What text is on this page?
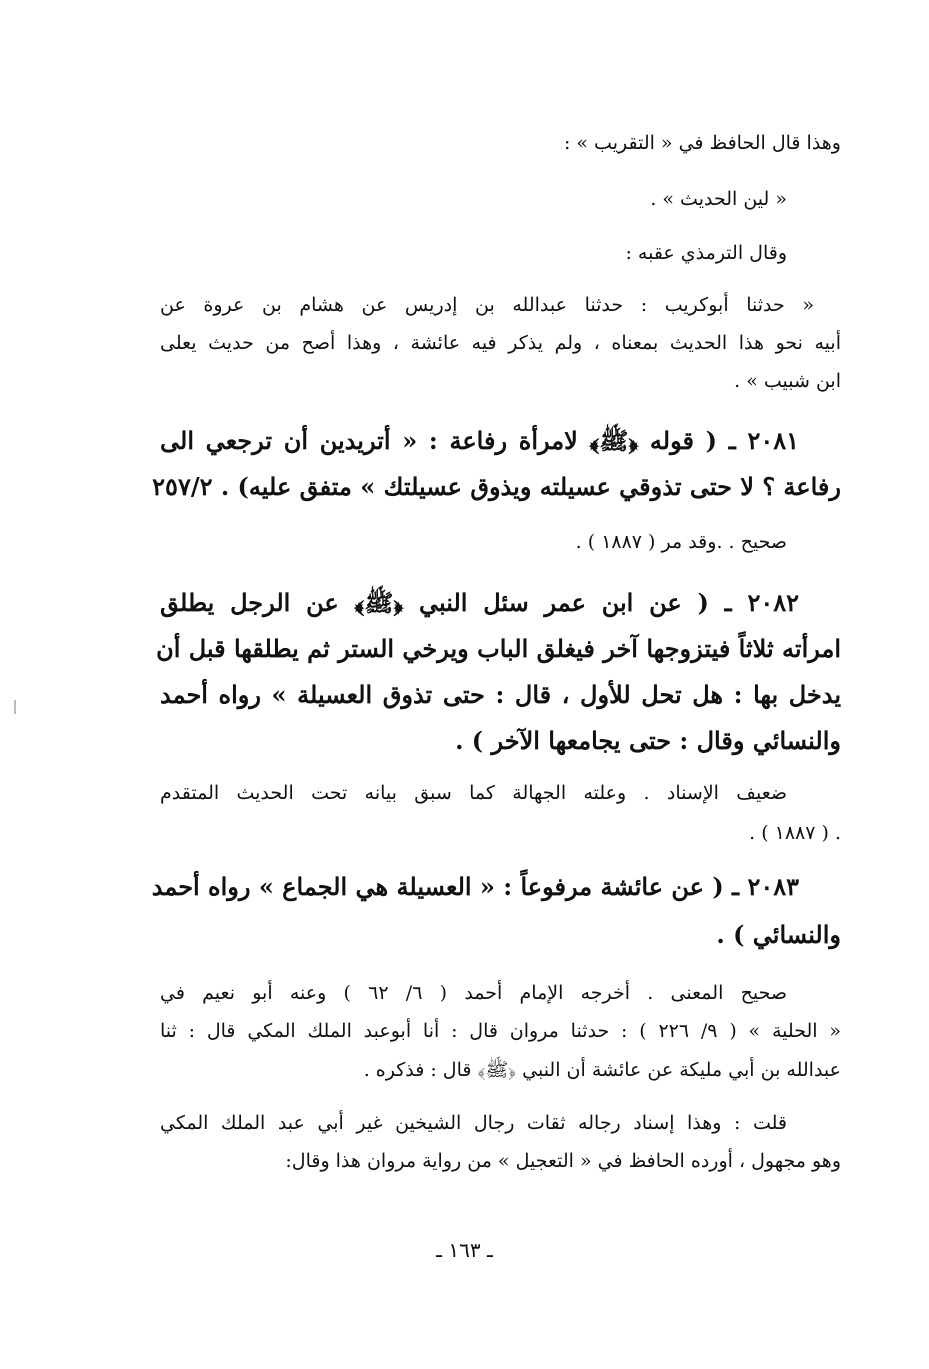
وهذا قال الحافظ في « التقريب » :
« لين الحديث » .
وقال الترمذي عقبه :
« حدثنا أبوكريب : حدثنا عبدالله بن إدريس عن هشام بن عروة عن
أبيه نحو هذا الحديث بمعناه ، ولم يذكر فيه عائشة ، وهذا أصح من حديث يعلى
ابن شبيب » .
٢٠٨١ ـ ( قوله ﴿ﷺ﴾ لامرأة رفاعة : « أتريدين أن ترجعي الى
رفاعة ؟ لا حتى تذوقي عسيلته ويذوق عسيلتك » متفق عليه) . ٢٥٧/٢
صحيح . .وقد مر ( ١٨٨٧ ) .
٢٠٨٢ ـ ( عن ابن عمر سئل النبي ﴿ﷺ﴾ عن الرجل يطلق
امرأته ثلاثاً فيتزوجها آخر فيغلق الباب ويرخي الستر ثم يطلقها قبل أن
يدخل بها : هل تحل للأول ، قال : حتى تذوق العسيلة » رواه أحمد
والنسائي وقال : حتى يجامعها الآخر ) .
ضعيف الإسناد . وعلته الجهالة كما سبق بيانه تحت الحديث المتقدم
. ( ١٨٨٧ ) .
٢٠٨٣ ـ ( عن عائشة مرفوعاً : « العسيلة هي الجماع » رواه أحمد
والنسائي ) .
صحيح المعنى . أخرجه الإمام أحمد ( ٦/ ٦٢ ) وعنه أبو نعيم في
« الحلية » ( ٩/ ٢٢٦ ) : حدثنا مروان قال : أنا أبوعبد الملك المكي قال : ثنا
عبدالله بن أبي مليكة عن عائشة أن النبي ﴿ﷺ﴾ قال : فذكره .
قلت : وهذا إسناد رجاله ثقات رجال الشيخين غير أبي عبد الملك المكي
وهو مجهول ، أورده الحافظ في « التعجيل » من رواية مروان هذا وقال:
ـ ١٦٣ ـ
